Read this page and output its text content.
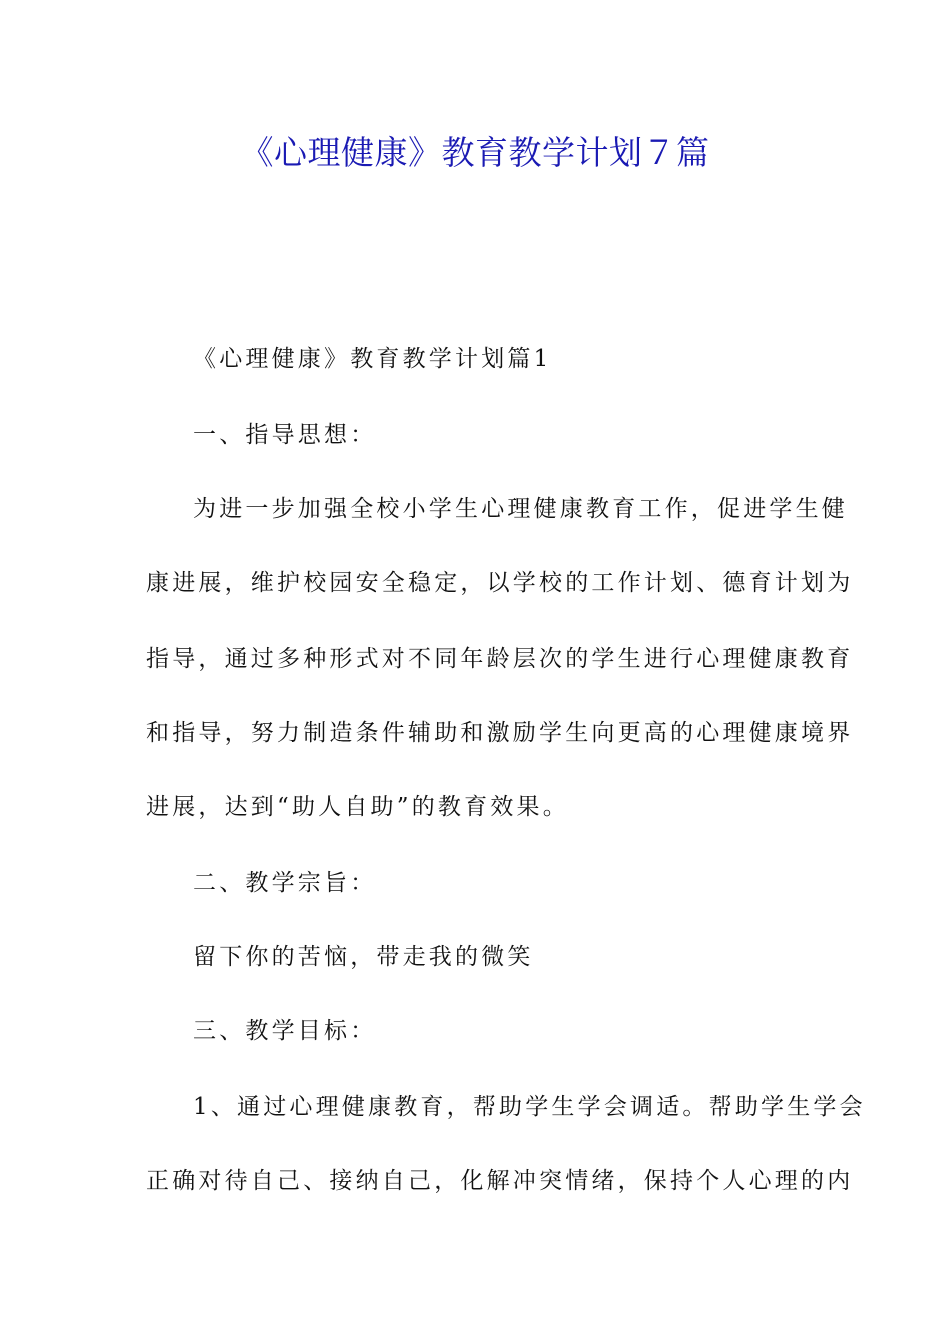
《心理健康》教育教学计划７篇

《心理健康》教育教学计划篇1

一、指导思想：

为进一步加强全校小学生心理健康教育工作，促进学生健

康进展，维护校园安全稳定，以学校的工作计划、德育计划为

指导，通过多种形式对不同年龄层次的学生进行心理健康教育

和指导，努力制造条件辅助和激励学生向更高的心理健康境界

进展，达到“助人自助”的教育效果。

二、教学宗旨：

留下你的苦恼，带走我的微笑

三、教学目标：

1、通过心理健康教育，帮助学生学会调适。帮助学生学会

正确对待自己、接纳自己，化解冲突情绪，保持个人心理的内
